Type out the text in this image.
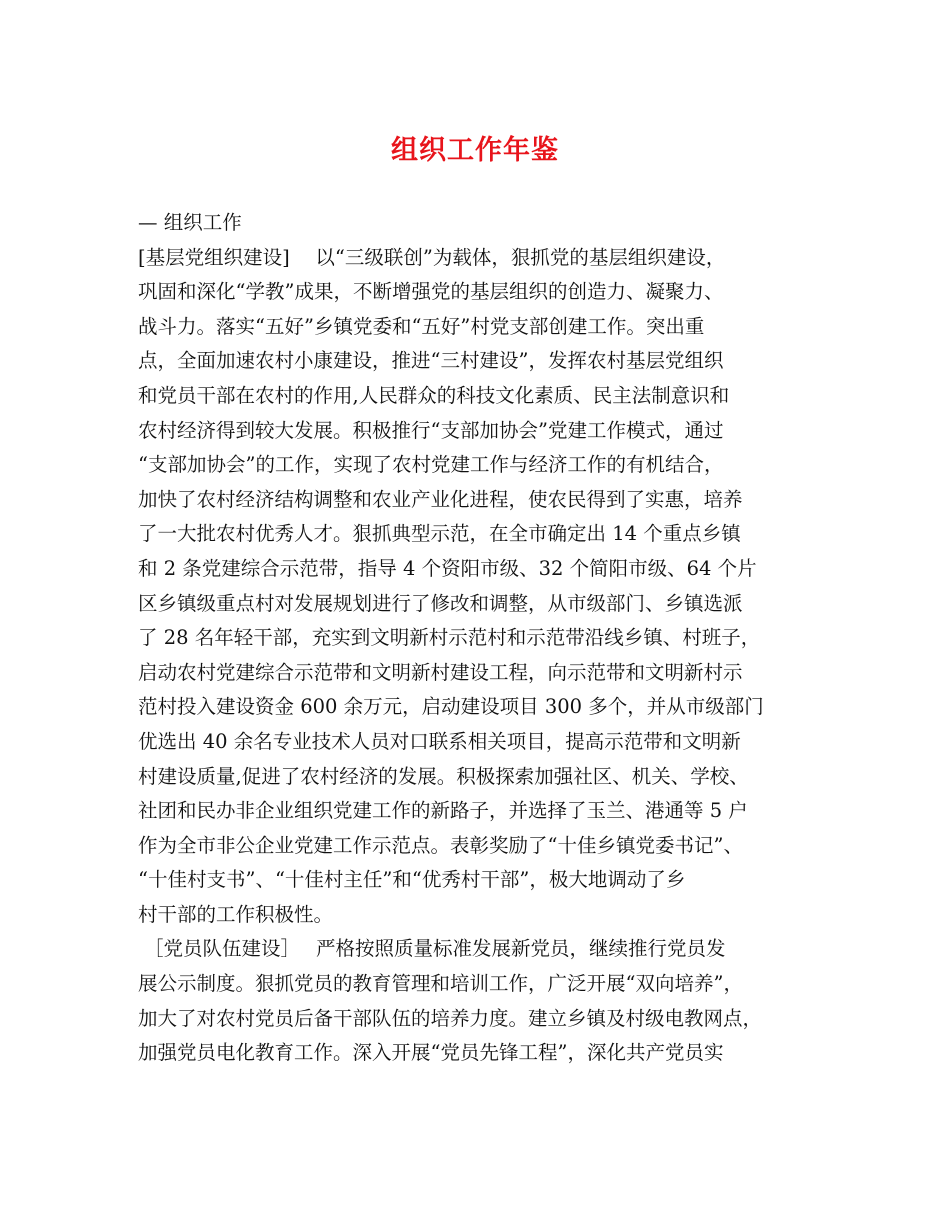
组织工作年鉴
— 组织工作
[基层党组织建设]　 以“三级联创”为载体，狠抓党的基层组织建设，
巩固和深化“学教”成果，不断增强党的基层组织的创造力、凝聚力、
战斗力。落实“五好”乡镇党委和“五好”村党支部创建工作。突出重
点，全面加速农村小康建设，推进“三村建设”，发挥农村基层党组织
和党员干部在农村的作用,人民群众的科技文化素质、民主法制意识和
农村经济得到较大发展。积极推行“支部加协会”党建工作模式，通过
“支部加协会”的工作，实现了农村党建工作与经济工作的有机结合，
加快了农村经济结构调整和农业产业化进程，使农民得到了实惠，培养
了一大批农村优秀人才。狠抓典型示范，在全市确定出 14 个重点乡镇
和 2 条党建综合示范带，指导 4 个资阳市级、32 个简阳市级、64 个片
区乡镇级重点村对发展规划进行了修改和调整，从市级部门、乡镇选派
了 28 名年轻干部，充实到文明新村示范村和示范带沿线乡镇、村班子，
启动农村党建综合示范带和文明新村建设工程，向示范带和文明新村示
范村投入建设资金 600 余万元，启动建设项目 300 多个，并从市级部门
优选出 40 余名专业技术人员对口联系相关项目，提高示范带和文明新
村建设质量,促进了农村经济的发展。积极探索加强社区、机关、学校、
社团和民办非企业组织党建工作的新路子，并选择了玉兰、港通等 5 户
作为全市非公企业党建工作示范点。表彰奖励了“十佳乡镇党委书记”、
“十佳村支书”、“十佳村主任”和“优秀村干部”，极大地调动了乡
村干部的工作积极性。
［党员队伍建设］　 严格按照质量标准发展新党员，继续推行党员发
展公示制度。狠抓党员的教育管理和培训工作，广泛开展“双向培养”，
加大了对农村党员后备干部队伍的培养力度。建立乡镇及村级电教网点，
加强党员电化教育工作。深入开展“党员先锋工程”，深化共产党员实
